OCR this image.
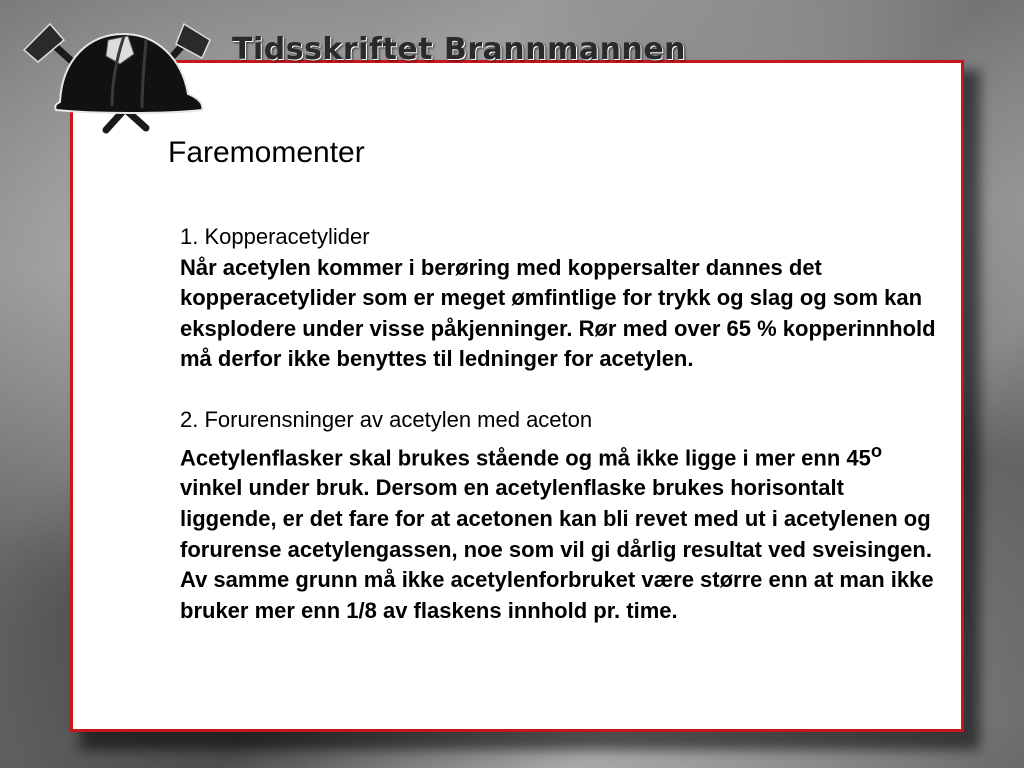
Tidsskriftet Brannmannen
Faremomenter
1. Kopperacetylider
Når acetylen kommer i berøring med koppersalter dannes det kopperacetylider som er meget ømfintlige for trykk og slag og som kan eksplodere under visse påkjenninger. Rør med over 65 % kopperinnhold må derfor ikke benyttes til ledninger for acetylen.
2. Forurensninger av acetylen med aceton
Acetylenflasker skal brukes stående og må ikke ligge i mer enn 45$^o$ vinkel under bruk. Dersom en acetylenflaske brukes horisontalt liggende, er det fare for at acetonen kan bli revet med ut i acetylenen og forurense acetylengassen, noe som vil gi dårlig resultat ved sveisingen. Av samme grunn må ikke acetylenforbruket være større enn at man ikke bruker mer enn 1/8 av flaskens innhold pr. time.
